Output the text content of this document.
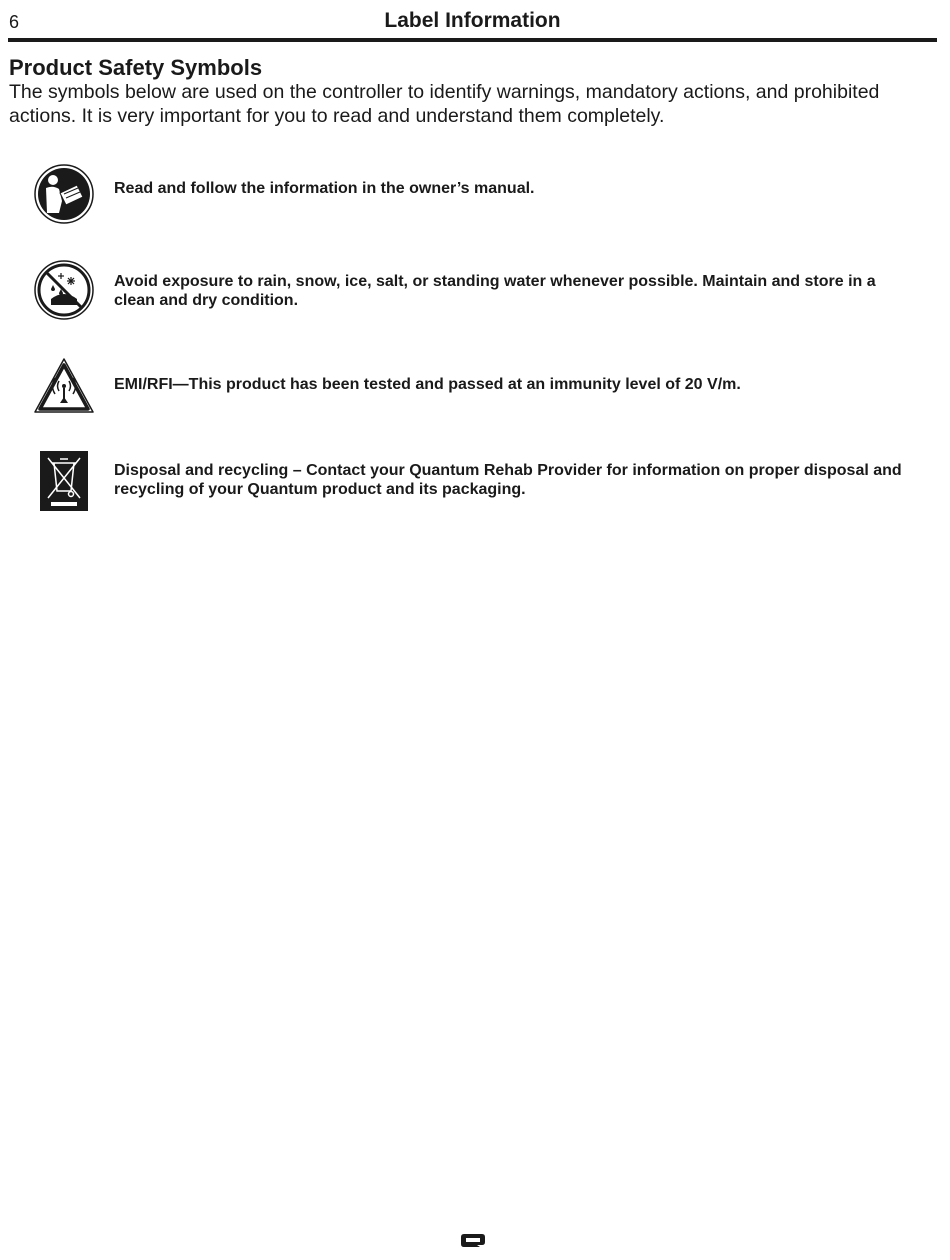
6	Label Information
Product Safety Symbols

The symbols below are used on the controller to identify warnings, mandatory actions, and prohibited actions. It is very important for you to read and understand them completely.

Read and follow the information in the owner’s manual.
Avoid exposure to rain, snow, ice, salt, or standing water whenever possible. Maintain and store in a clean and dry condition.
EMI/RFI—This product has been tested and passed at an immunity level of 20 V/m.
Disposal and recycling – Contact your Quantum Rehab Provider for information on proper disposal and recycling of your Quantum product and its packaging.
